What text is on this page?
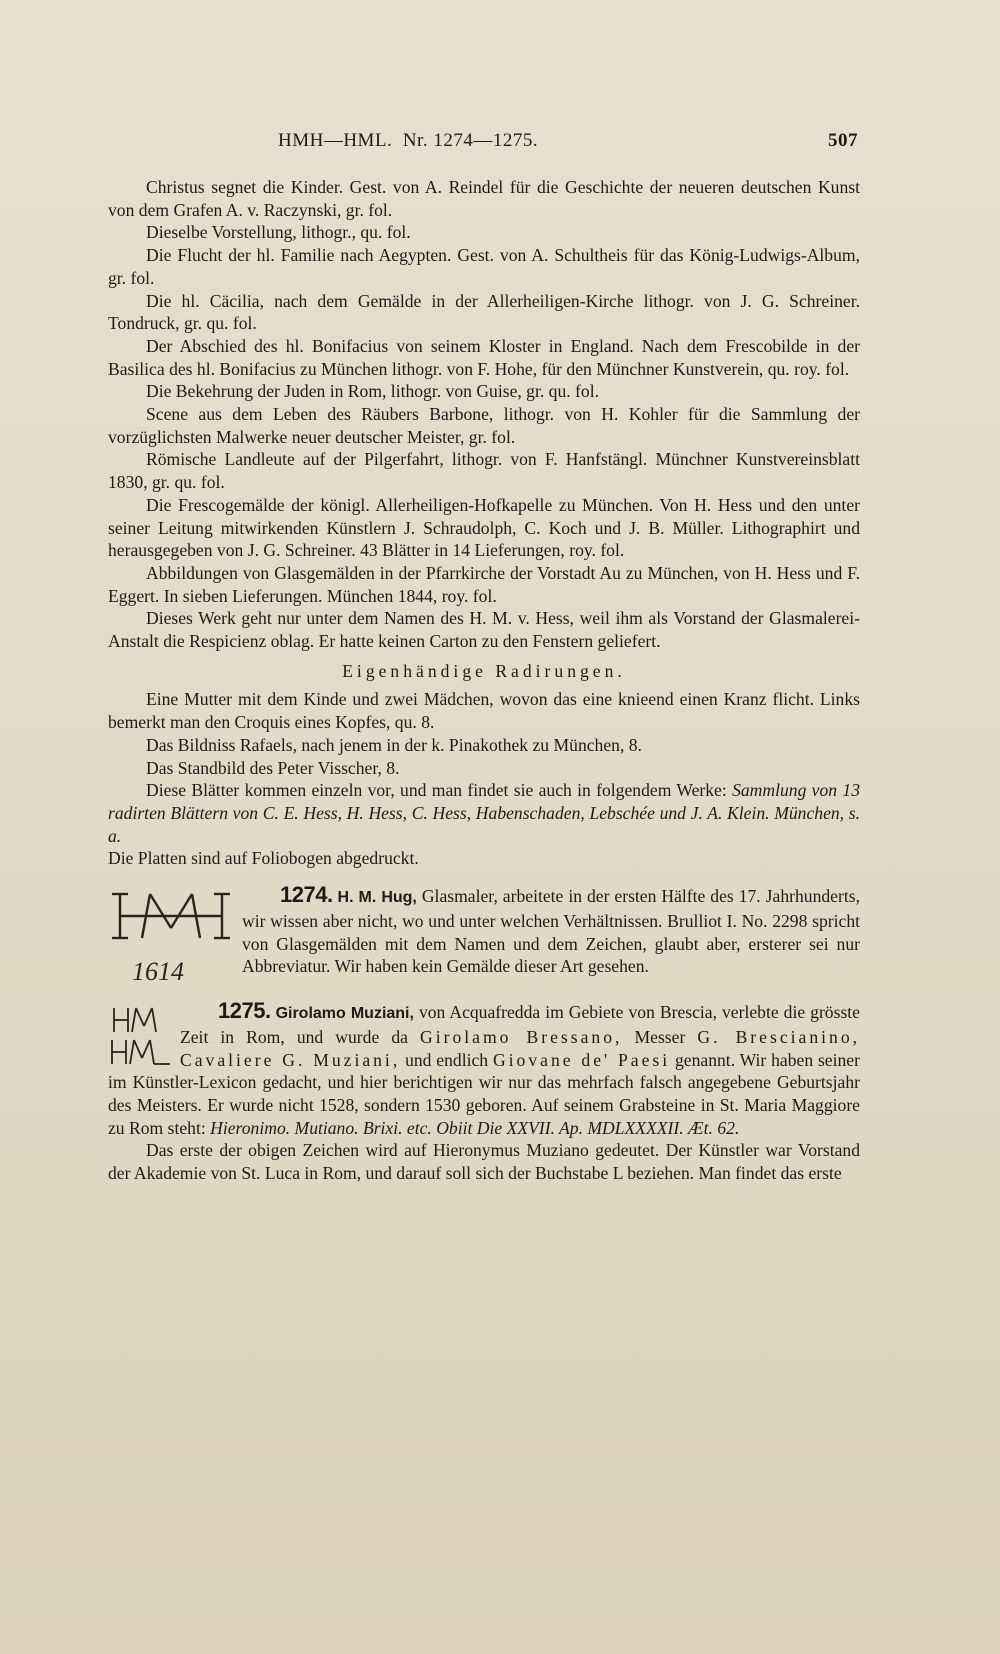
HMH—HML. Nr. 1274—1275.	507

Christus segnet die Kinder. Gest. von A. Reindel für die Geschichte der neueren deutschen Kunst von dem Grafen A. v. Raczynski, gr. fol.

Dieselbe Vorstellung, lithogr., qu. fol.

Die Flucht der hl. Familie nach Aegypten. Gest. von A. Schultheis für das König-Ludwigs-Album, gr. fol.

Die hl. Cäcilia, nach dem Gemälde in der Allerheiligen-Kirche lithogr. von J. G. Schreiner. Tondruck, gr. qu. fol.

Der Abschied des hl. Bonifacius von seinem Kloster in England. Nach dem Frescobilde in der Basilica des hl. Bonifacius zu München lithogr. von F. Hohe, für den Münchner Kunstverein, qu. roy. fol.

Die Bekehrung der Juden in Rom, lithogr. von Guise, gr. qu. fol.

Scene aus dem Leben des Räubers Barbone, lithogr. von H. Kohler für die Sammlung der vorzüglichsten Malwerke neuer deutscher Meister, gr. fol.

Römische Landleute auf der Pilgerfahrt, lithogr. von F. Hanfstängl. Münchner Kunstvereinsblatt 1830, gr. qu. fol.

Die Frescogemälde der königl. Allerheiligen-Hofkapelle zu München. Von H. Hess und den unter seiner Leitung mitwirkenden Künstlern J. Schraudolph, C. Koch und J. B. Müller. Lithographirt und herausgegeben von J. G. Schreiner. 43 Blätter in 14 Lieferungen, roy. fol.

Abbildungen von Glasgemälden in der Pfarrkirche der Vorstadt Au zu München, von H. Hess und F. Eggert. In sieben Lieferungen. München 1844, roy. fol.

Dieses Werk geht nur unter dem Namen des H. M. v. Hess, weil ihm als Vorstand der Glasmalerei-Anstalt die Respicienz oblag. Er hatte keinen Carton zu den Fenstern geliefert.

Eigenhändige Radirungen.

Eine Mutter mit dem Kinde und zwei Mädchen, wovon das eine knieend einen Kranz flicht. Links bemerkt man den Croquis eines Kopfes, qu. 8.

Das Bildniss Rafaels, nach jenem in der k. Pinakothek zu München, 8.

Das Standbild des Peter Visscher, 8.

Diese Blätter kommen einzeln vor, und man findet sie auch in folgendem Werke: Sammlung von 13 radirten Blättern von C. E. Hess, H. Hess, C. Hess, Habenschaden, Lebschée und J. A. Klein. München, s. a.

Die Platten sind auf Foliobogen abgedruckt.

1274. H. M. Hug,
1614
Glasmaler, arbeitete in der ersten Hälfte des 17. Jahrhunderts, wir wissen aber nicht, wo und unter welchen Verhältnissen. Brulliot I. No. 2298 spricht von Glasgemälden mit dem Namen und dem Zeichen, glaubt aber, ersterer sei nur Abbreviatur. Wir haben kein Gemälde dieser Art gesehen.

1275. Girolamo Muziani, von Acquafredda im Gebiete von Brescia, verlebte die grösste Zeit in Rom, und wurde da Girolamo Bressano, Messer G. Brescianino, Cavaliere G. Muziani, und endlich Giovane de' Paesi genannt. Wir haben seiner im Künstler-Lexicon gedacht, und hier berichtigen wir nur das mehrfach falsch angegebene Geburtsjahr des Meisters. Er wurde nicht 1528, sondern 1530 geboren. Auf seinem Grabsteine in St. Maria Maggiore zu Rom steht: Hieronimo. Mutiano. Brixi. etc. Obiit Die XXVII. Ap. MDLXXXXII. Æt. 62.

Das erste der obigen Zeichen wird auf Hieronymus Muziano gedeutet. Der Künstler war Vorstand der Akademie von St. Luca in Rom, und darauf soll sich der Buchstabe L beziehen. Man findet das erste
